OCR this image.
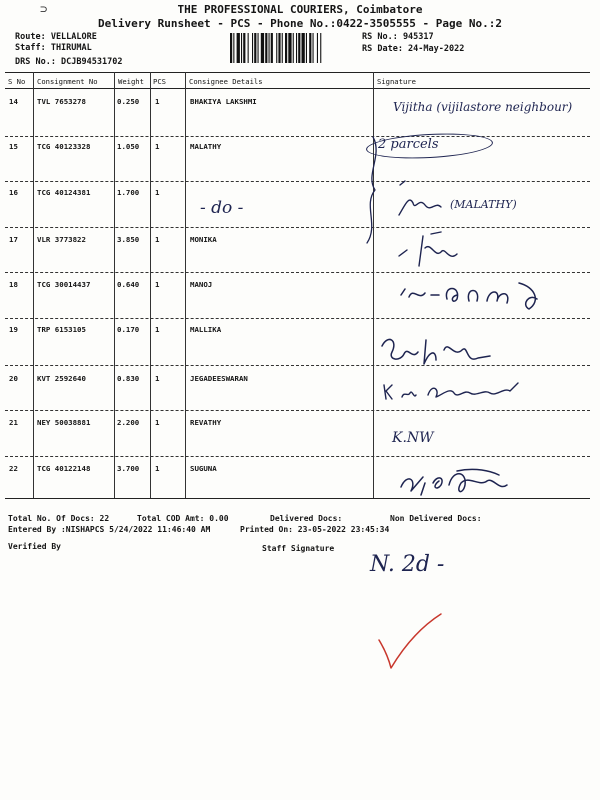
THE PROFESSIONAL COURIERS, Coimbatore
Delivery Runsheet - PCS - Phone No.:0422-3505555 - Page No.:2
⊃
Route: VELLALORE
Staff: THIRUMAL
DRS No.: DCJB94531702
RS No.: 945317
RS Date: 24-May-2022
S No Consignment No	Weight PCS	Consignee Details	Signature
14	TVL 7653278	0.250 1	BHAKIYA LAKSHMI
15	TCG 40123328	1.050 1	MALATHY
16	TCG 40124381	1.700 1
17	VLR 3773822	3.850 1	MONIKA
18	TCG 30014437	0.640 1	MANOJ
19	TRP 6153105	0.170 1	MALLIKA
20	KVT 2592640	0.830 1	JEGADEESWARAN
21	NEY 50038881	2.200 1	REVATHY
22	TCG 40122148	3.700 1	SUGUNA
- do -
Vijitha (vijilastore neighbour)
2 parcels
(MALATHY)
K.NW
Total No. Of Docs: 22	Total COD Amt: 0.00	Delivered Docs:	Non Delivered Docs:
Entered By :NISHAPCS 5/24/2022 11:46:40 AM	Printed On: 23-05-2022 23:45:34
Verified By	Staff Signature
N. 2d -
